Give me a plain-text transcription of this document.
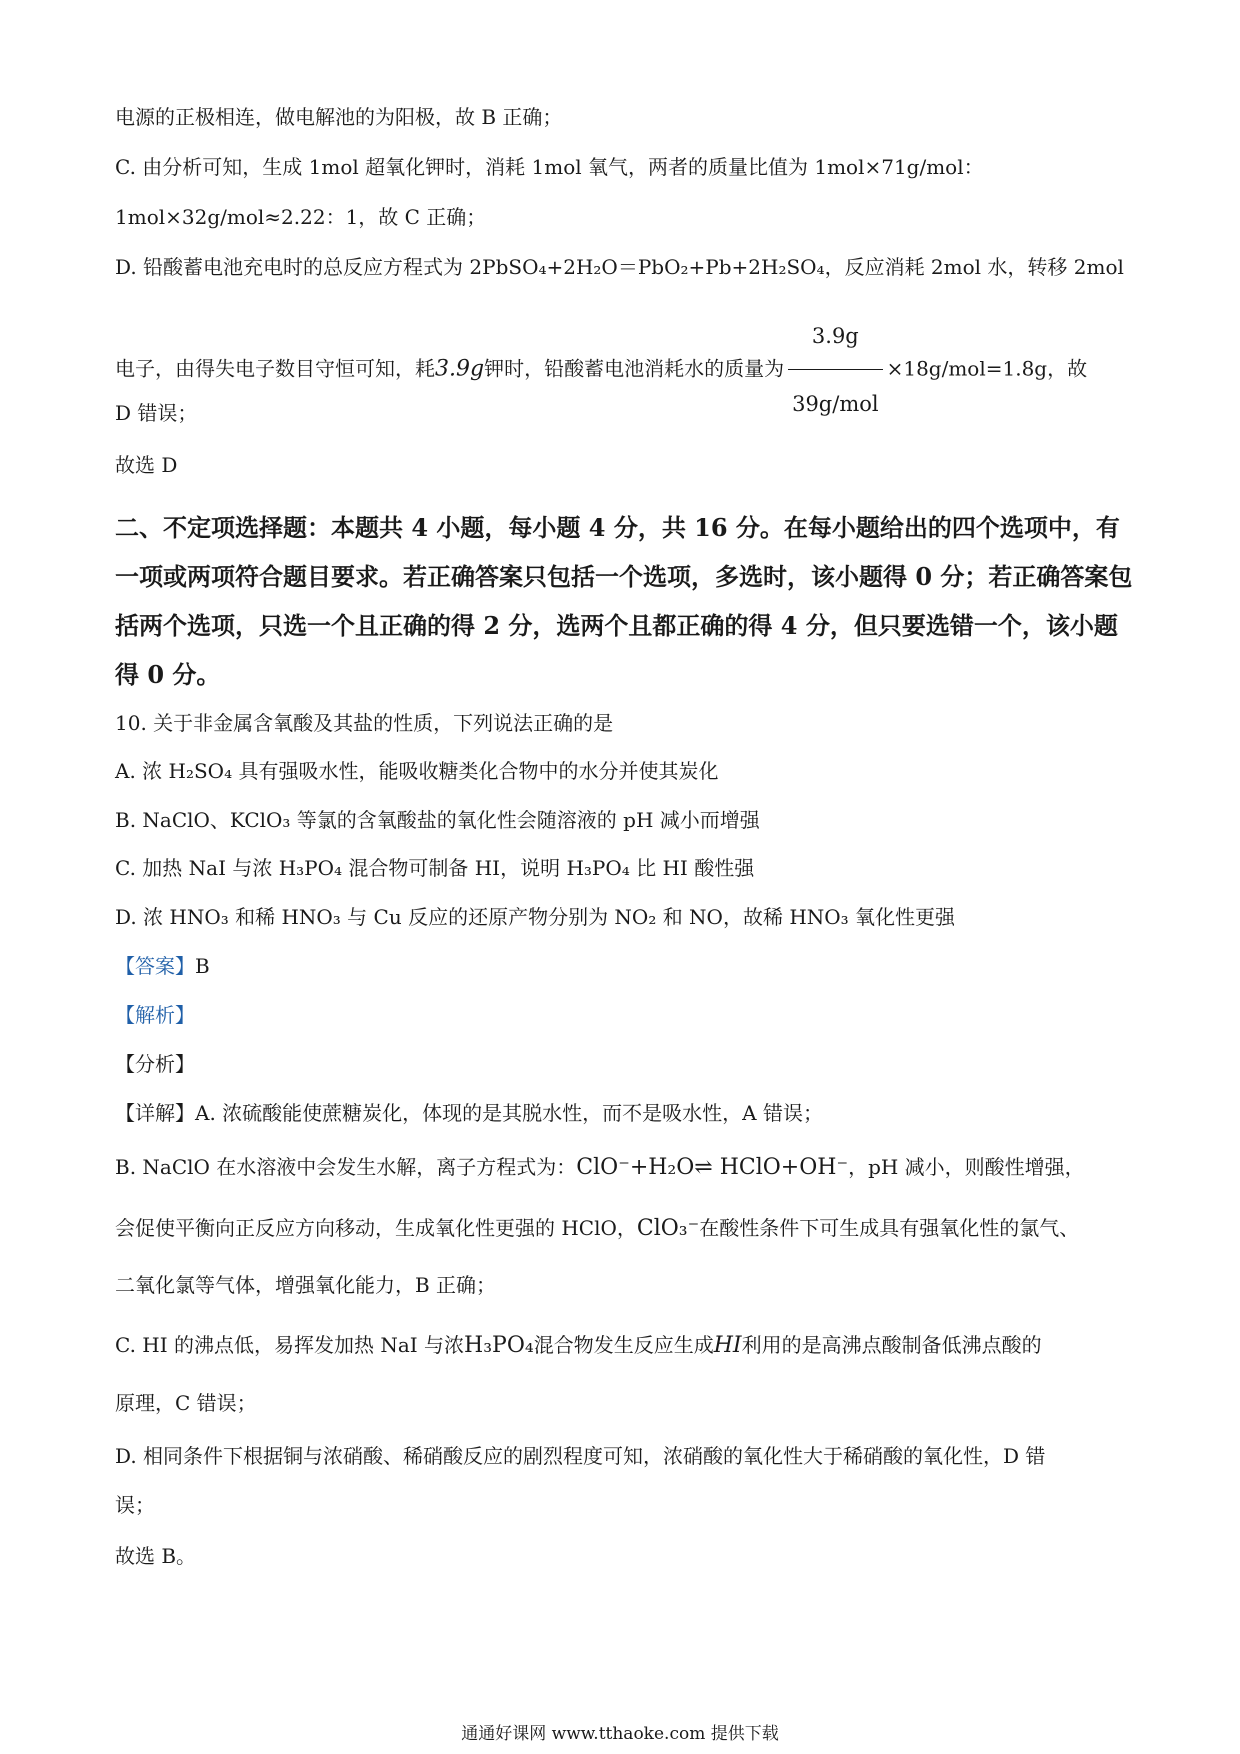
电源的正极相连，做电解池的为阳极，故 B 正确；
C. 由分析可知，生成 1mol 超氧化钾时，消耗 1mol 氧气，两者的质量比值为 1mol×71g/mol：
1mol×32g/mol≈2.22：1，故 C 正确；
D. 铅酸蓄电池充电时的总反应方程式为 2PbSO₄+2H₂O＝PbO₂+Pb+2H₂SO₄，反应消耗 2mol 水，转移 2mol
电子，由得失电子数目守恒可知，耗3.9g钾时，铅酸蓄电池消耗水的质量为 $\frac{3.9g}{\text{39g/mol}} \times 18g/mol=1.8g$，故
D 错误；
故选 D
二、不定项选择题：本题共 4 小题，每小题 4 分，共 16 分。在每小题给出的四个选项中，有一项或两项符合题目要求。若正确答案只包括一个选项，多选时，该小题得 0 分；若正确答案包括两个选项，只选一个且正确的得 2 分，选两个且都正确的得 4 分，但只要选错一个，该小题得 0 分。
10. 关于非金属含氧酸及其盐的性质，下列说法正确的是
A. 浓 H₂SO₄ 具有强吸水性，能吸收糖类化合物中的水分并使其炭化
B. NaClO、KClO₃ 等氯的含氧酸盐的氧化性会随溶液的 pH 减小而增强
C. 加热 NaI 与浓 H₃PO₄ 混合物可制备 HI，说明 H₃PO₄ 比 HI 酸性强
D. 浓 HNO₃ 和稀 HNO₃ 与 Cu 反应的还原产物分别为 NO₂ 和 NO，故稀 HNO₃ 氧化性更强
【答案】B
【解析】
【分析】
【详解】A. 浓硫酸能使蔗糖炭化，体现的是其脱水性，而不是吸水性，A 错误；
B. NaClO 在水溶液中会发生水解，离子方程式为：ClO⁻+H₂O⇌ HClO+OH⁻，pH 减小，则酸性增强，
会促使平衡向正反应方向移动，生成氧化性更强的 HClO，ClO₃⁻在酸性条件下可生成具有强氧化性的氯气、
二氧化氯等气体，增强氧化能力，B 正确；
C. HI 的沸点低，易挥发加热 NaI 与浓H₃PO₄混合物发生反应生成HI利用的是高沸点酸制备低沸点酸的
原理，C 错误；
D. 相同条件下根据铜与浓硝酸、稀硝酸反应的剧烈程度可知，浓硝酸的氧化性大于稀硝酸的氧化性，D 错
误；
故选 B。
通通好课网 www.tthaoke.com 提供下载
